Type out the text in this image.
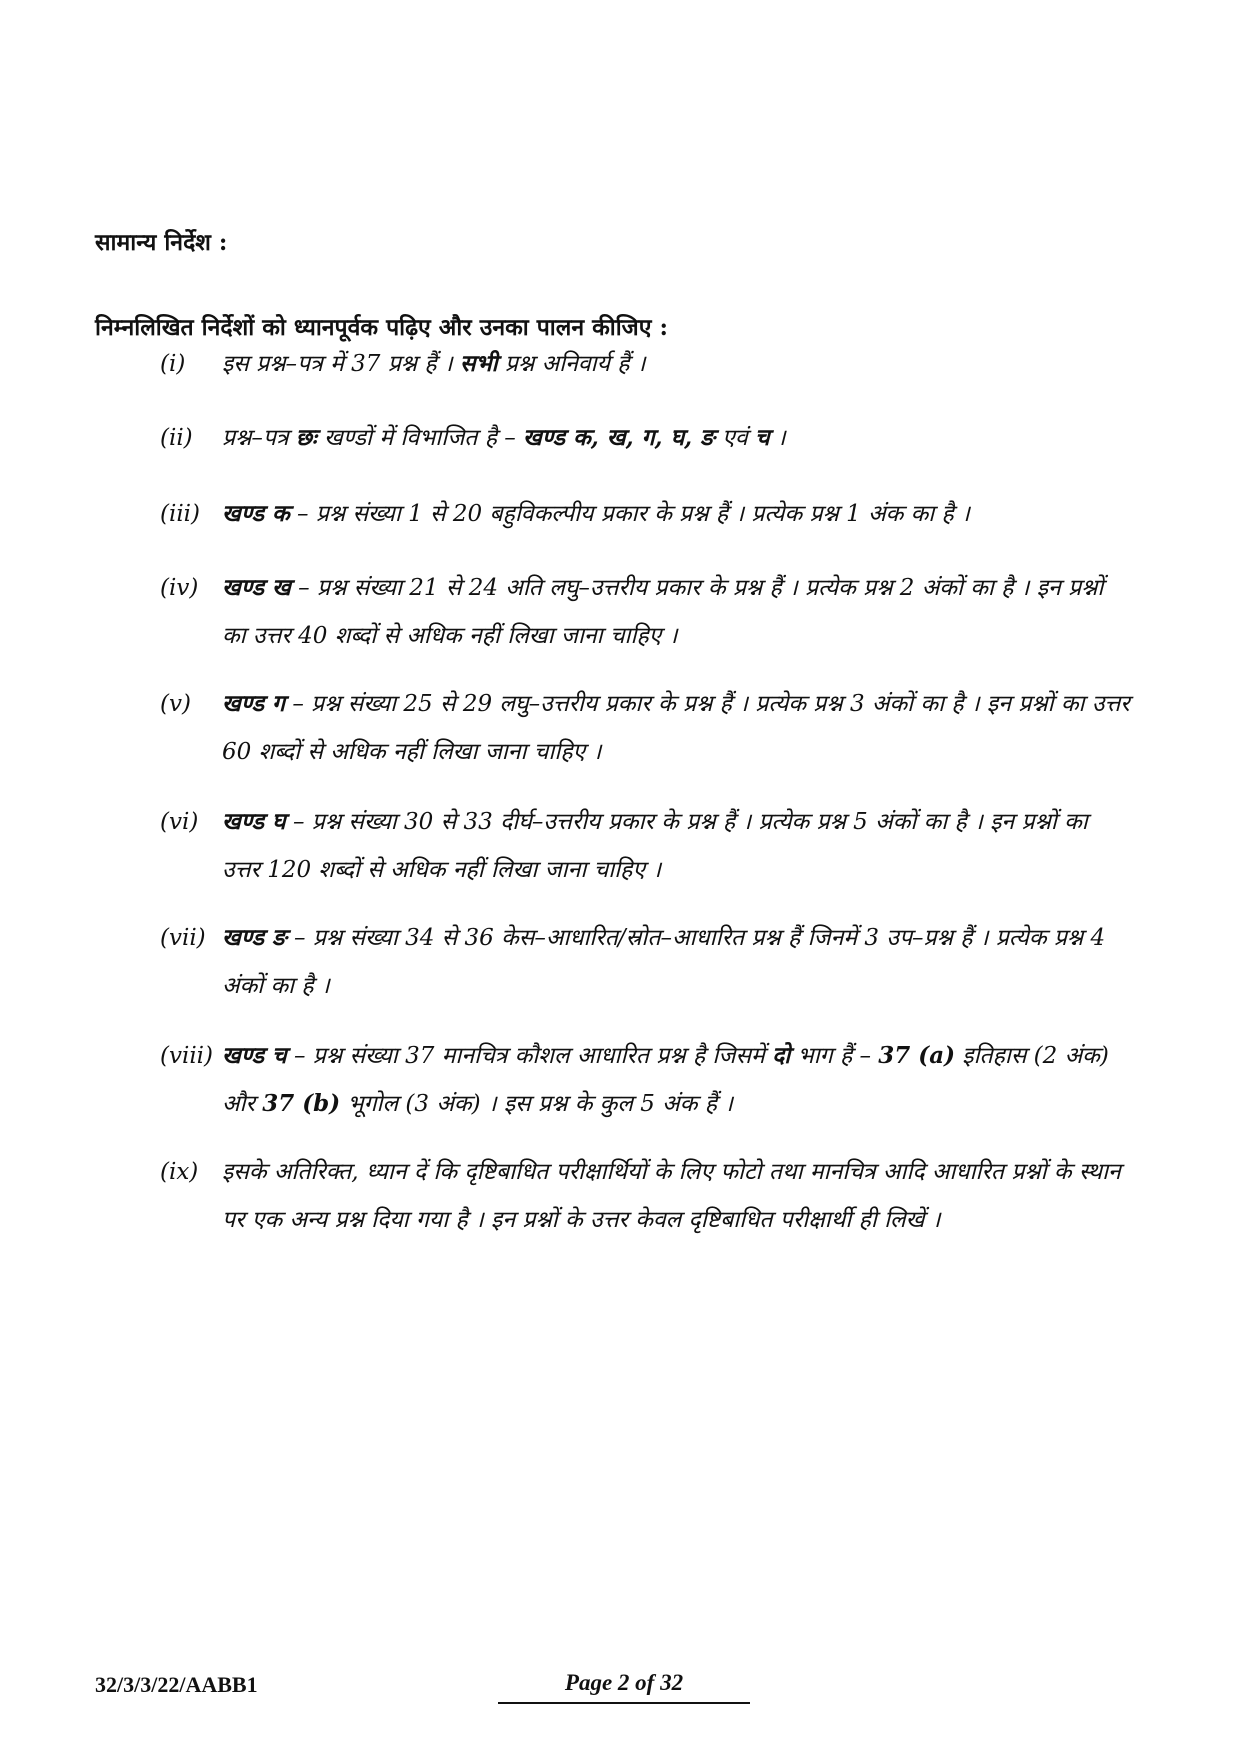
सामान्य निर्देश :
निम्नलिखित निर्देशों को ध्यानपूर्वक पढ़िए और उनका पालन कीजिए :
(i)	इस प्रश्न–पत्र में 37 प्रश्न हैं । सभी प्रश्न अनिवार्य हैं ।
(ii)	प्रश्न–पत्र छः खण्डों में विभाजित है – खण्ड क, ख, ग, घ, ङ एवं च ।
(iii) खण्ड क – प्रश्न संख्या 1 से 20 बहुविकल्पीय प्रकार के प्रश्न हैं । प्रत्येक प्रश्न 1 अंक का है ।
(iv)	खण्ड ख – प्रश्न संख्या 21 से 24 अति लघु–उत्तरीय प्रकार के प्रश्न हैं । प्रत्येक प्रश्न 2 अंकों का है । इन प्रश्नों का उत्तर 40 शब्दों से अधिक नहीं लिखा जाना चाहिए ।
(v)	खण्ड ग – प्रश्न संख्या 25 से 29 लघु–उत्तरीय प्रकार के प्रश्न हैं । प्रत्येक प्रश्न 3 अंकों का है । इन प्रश्नों का उत्तर 60 शब्दों से अधिक नहीं लिखा जाना चाहिए ।
(vi)	खण्ड घ – प्रश्न संख्या 30 से 33 दीर्घ–उत्तरीय प्रकार के प्रश्न हैं । प्रत्येक प्रश्न 5 अंकों का है । इन प्रश्नों का उत्तर 120 शब्दों से अधिक नहीं लिखा जाना चाहिए ।
(vii) खण्ड ङ – प्रश्न संख्या 34 से 36 केस–आधारित/स्रोत–आधारित प्रश्न हैं जिनमें 3 उप–प्रश्न हैं । प्रत्येक प्रश्न 4 अंकों का है ।
(viii) खण्ड च – प्रश्न संख्या 37 मानचित्र कौशल आधारित प्रश्न है जिसमें दो भाग हैं – 37 (a) इतिहास (2 अंक) और 37 (b) भूगोल (3 अंक) । इस प्रश्न के कुल 5 अंक हैं ।
(ix)	इसके अतिरिक्त, ध्यान दें कि दृष्टिबाधित परीक्षार्थियों के लिए फोटो तथा मानचित्र आदि आधारित प्रश्नों के स्थान पर एक अन्य प्रश्न दिया गया है । इन प्रश्नों के उत्तर केवल दृष्टिबाधित परीक्षार्थी ही लिखें ।
32/3/3/22/AABB1	Page 2 of 32
